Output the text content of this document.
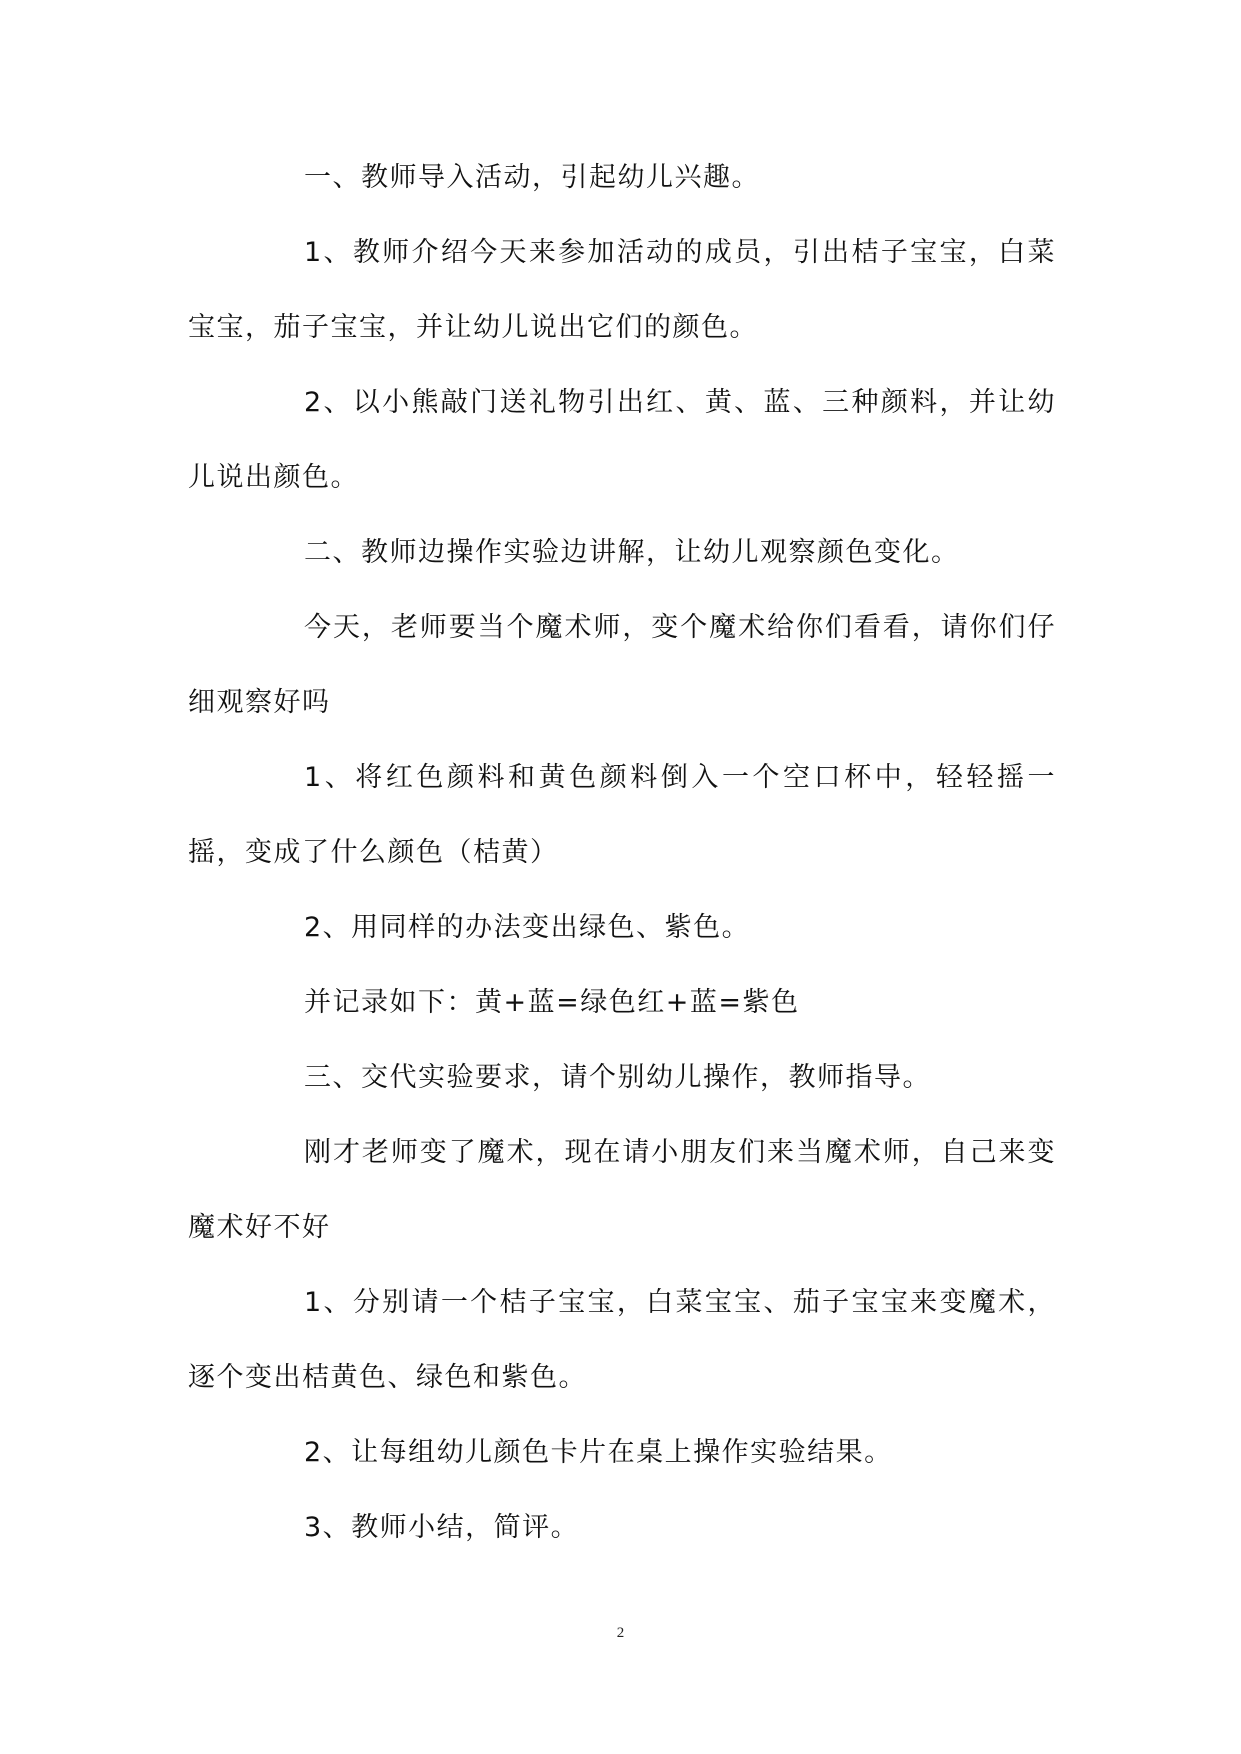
一、教师导入活动，引起幼儿兴趣。

1、教师介绍今天来参加活动的成员，引出桔子宝宝，白菜宝宝，茄子宝宝，并让幼儿说出它们的颜色。

2、以小熊敲门送礼物引出红、黄、蓝、三种颜料，并让幼儿说出颜色。

二、教师边操作实验边讲解，让幼儿观察颜色变化。

今天，老师要当个魔术师，变个魔术给你们看看，请你们仔细观察好吗

1、将红色颜料和黄色颜料倒入一个空口杯中，轻轻摇一摇，变成了什么颜色（桔黄）

2、用同样的办法变出绿色、紫色。

并记录如下：黄+蓝=绿色红+蓝=紫色

三、交代实验要求，请个别幼儿操作，教师指导。

刚才老师变了魔术，现在请小朋友们来当魔术师，自己来变魔术好不好

1、分别请一个桔子宝宝，白菜宝宝、茄子宝宝来变魔术，逐个变出桔黄色、绿色和紫色。

2、让每组幼儿颜色卡片在桌上操作实验结果。

3、教师小结，简评。

2
